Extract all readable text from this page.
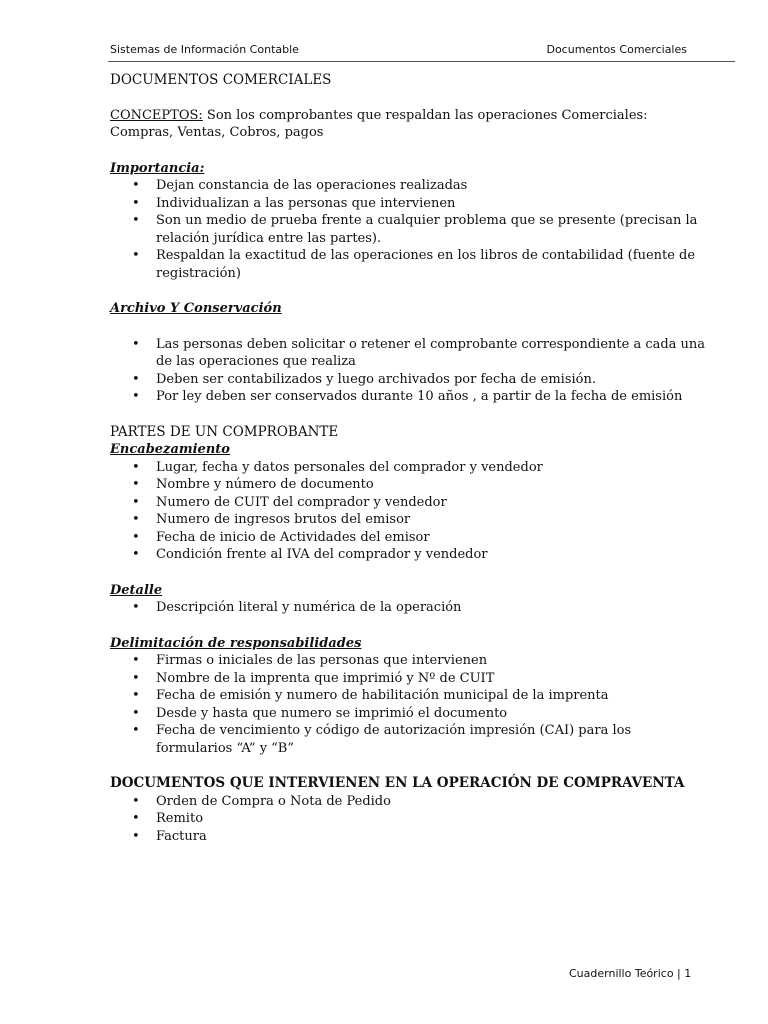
Sistemas de Información Contable	Documentos Comerciales

DOCUMENTOS COMERCIALES

CONCEPTOS: Son los comprobantes que respaldan las operaciones Comerciales: Compras, Ventas, Cobros, pagos

Importancia:

• Dejan constancia de las operaciones realizadas
• Individualizan a las personas que intervienen
• Son un medio de prueba frente a cualquier problema que se presente (precisan la relación jurídica entre las partes).
• Respaldan la exactitud de las operaciones en los libros de contabilidad (fuente de registración)

Archivo Y Conservación

• Las personas deben solicitar o retener el comprobante correspondiente a cada una de las operaciones que realiza
• Deben ser contabilizados y luego archivados por fecha de emisión.
• Por ley deben ser conservados durante 10 años , a partir de la fecha de emisión

PARTES DE UN COMPROBANTE

Encabezamiento

• Lugar, fecha y datos personales del comprador y vendedor
• Nombre y número de documento
• Numero de CUIT del comprador y vendedor
• Numero de ingresos brutos del emisor
• Fecha de inicio de Actividades del emisor
• Condición frente al IVA del comprador y vendedor

Detalle

• Descripción literal y numérica de la operación

Delimitación de responsabilidades

• Firmas o iniciales de las personas que intervienen
• Nombre de la imprenta que imprimió y Nº de CUIT
• Fecha de emisión y numero de habilitación municipal de la imprenta
• Desde y hasta que numero se imprimió el documento
• Fecha de vencimiento y código de autorización impresión (CAI) para los formularios “A” y “B”

DOCUMENTOS QUE INTERVIENEN EN LA OPERACIÓN DE COMPRAVENTA

• Orden de Compra o Nota de Pedido
• Remito
• Factura
Cuadernillo Teórico | 1
